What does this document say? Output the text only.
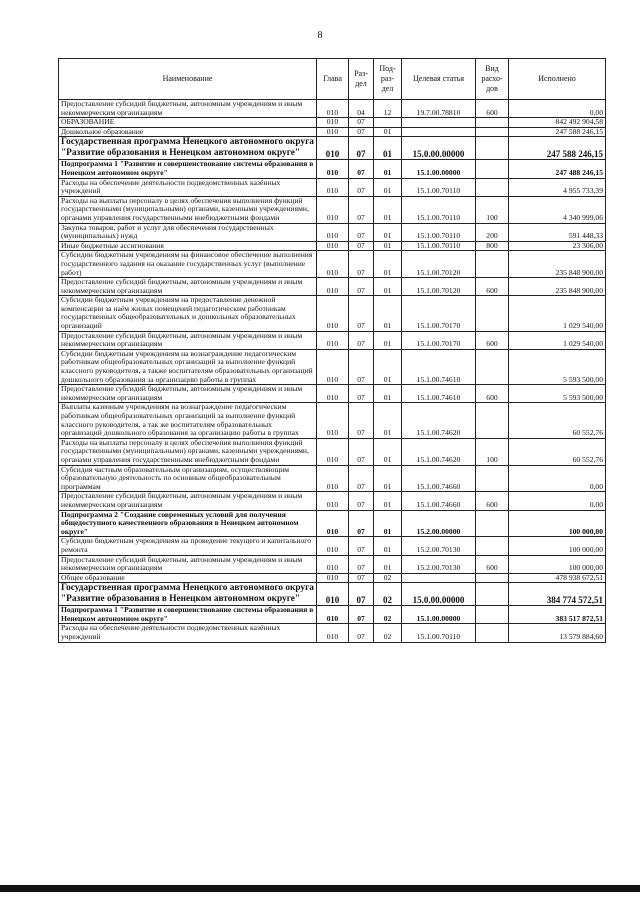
8
Наименование	Глава	Раз-дел	Под-раз-дел	Целевая статья	Вид расхо-дов	Исполнено
Предоставление субсидий бюджетным, автономным учреждениям и иным некоммерческим организациям	010	04	12	19.7.00.78810	600	0,00
ОБРАЗОВАНИЕ	010	07				842 492 904,58
Дошкольное образование	010	07	01			247 588 246,15
Государственная программа Ненецкого автономного округа "Развитие образования в Ненецком автономном округе"	010	07	01	15.0.00.00000		247 588 246,15
Подпрограмма 1 "Развитие и совершенствование системы образования в Ненецком автономном округе"	010	07	01	15.1.00.00000		247 488 246,15
Расходы на обеспечение деятельности подведомственных казённых учреждений	010	07	01	15.1.00.70110		4 955 733,39
Расходы на выплаты персоналу в целях обеспечения выполнения функций государственными (муниципальными) органами, казенными учреждениями, органами управления государственными внебюджетными фондами	010	07	01	15.1.00.70110	100	4 340 999,06
Закупка товаров, работ и услуг для обеспечения государственных (муниципальных) нужд	010	07	01	15.1.00.70110	200	591 448,33
Иные бюджетные ассигнования	010	07	01	15.1.00.70110	800	23 306,00
Субсидии бюджетным учреждениям на финансовое обеспечение выполнения государственного задания на оказание государственных услуг (выполнение работ)	010	07	01	15.1.00.70120		235 848 900,00
Предоставление субсидий бюджетным, автономным учреждениям и иным некоммерческим организациям	010	07	01	15.1.00.70120	600	235 848 900,00
Субсидии бюджетным учреждениям на предоставление денежной компенсации за наём жилых помещений педагогическим работникам государственных общеобразовательных и дошкольных образовательных организаций	010	07	01	15.1.00.70170		1 029 540,00
Предоставление субсидий бюджетным, автономным учреждениям и иным некоммерческим организациям	010	07	01	15.1.00.70170	600	1 029 540,00
Субсидии бюджетным учреждениям на вознаграждение педагогическим работникам общеобразовательных организаций за выполнение функций классного руководителя, а также воспитателям образовательных организаций дошкольного образования за организацию работы в группах	010	07	01	15.1.00.74610		5 593 500,00
Предоставление субсидий бюджетным, автономным учреждениям и иным некоммерческим организациям	010	07	01	15.1.00.74610	600	5 593 500,00
Выплаты казенным учреждениям на вознаграждение педагогическим работникам общеобразовательных организаций за выполнение функций классного руководителя, а так же воспитателям образовательных организаций дошкольного образования за организацию работы в группах	010	07	01	15.1.00.74620		60 552,76
Расходы на выплаты персоналу в целях обеспечения выполнения функций государственными (муниципальными) органами, казенными учреждениями, органами управления государственными внебюджетными фондами	010	07	01	15.1.00.74620	100	60 552,76
Субсидия частным образовательным организациям, осуществляющим образовательную деятельность по основным общеобразовательным программам	010	07	01	15.1.00.74660		0,00
Предоставление субсидий бюджетным, автономным учреждениям и иным некоммерческим организациям	010	07	01	15.1.00.74660	600	0,00
Подпрограмма 2 "Создание современных условий для получения общедоступного качественного образования в Ненецком автономном округе"	010	07	01	15.2.00.00000		100 000,00
Субсидии бюджетным учреждениям на проведение текущего и капитального ремонта	010	07	01	15.2.00.70130		100 000,00
Предоставление субсидий бюджетным, автономным учреждениям и иным некоммерческим организациям	010	07	01	15.2.00.70130	600	100 000,00
Общее образование	010	07	02			478 938 672,51
Государственная программа Ненецкого автономного округа "Развитие образования в Ненецком автономном округе"	010	07	02	15.0.00.00000		384 774 572,51
Подпрограмма 1 "Развитие и совершенствование системы образования в Ненецком автономном округе"	010	07	02	15.1.00.00000		383 517 872,51
Расходы на обеспечение деятельности подведомственных казённых учреждений	010	07	02	15.1.00.70110		13 579 884,60
